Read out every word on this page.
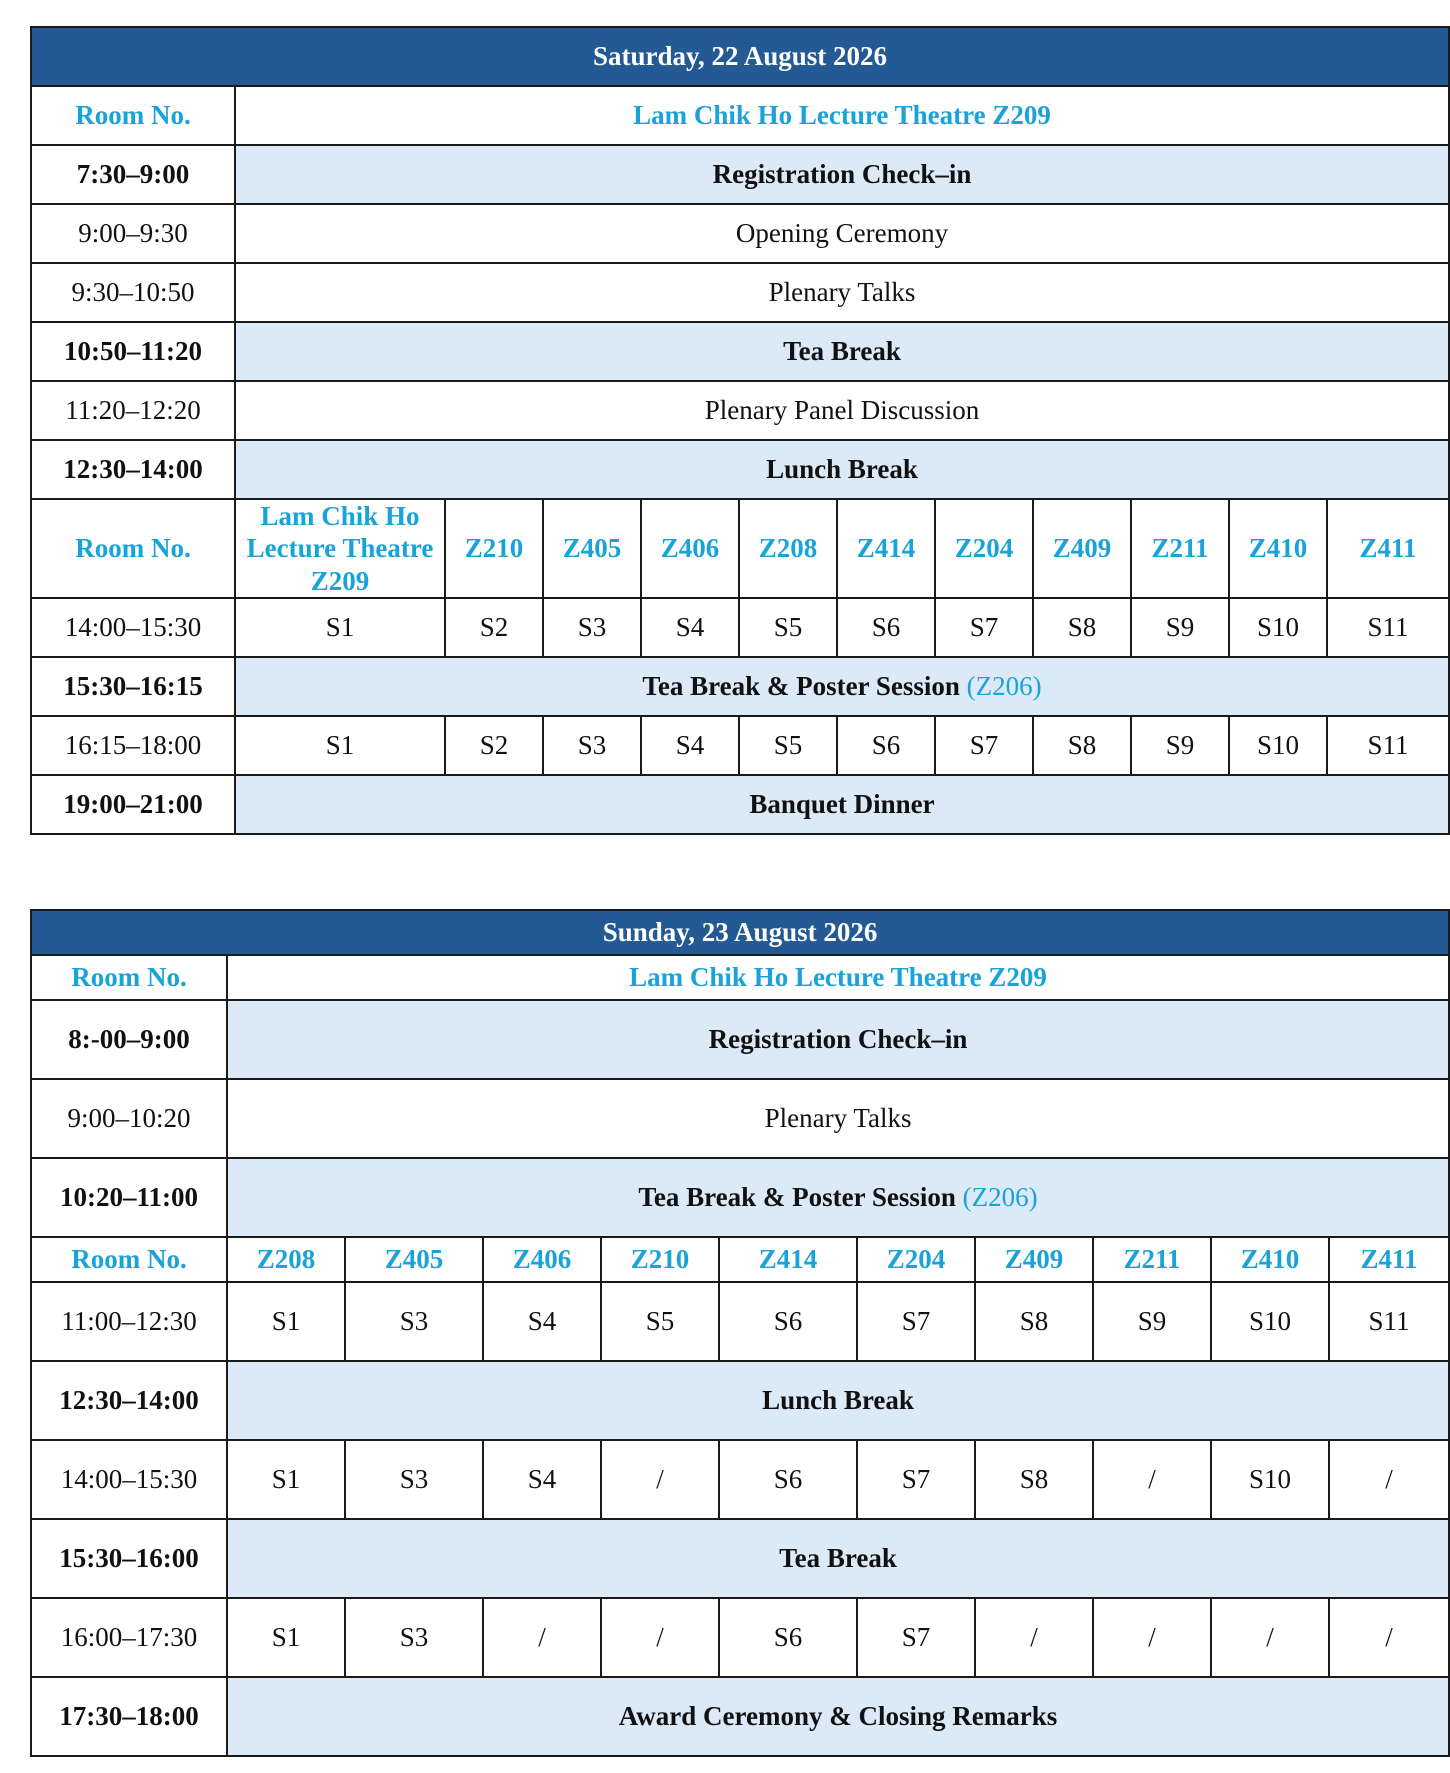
Saturday, 22 August 2026											
Room No.	Lam Chik Ho Lecture Theatre Z209										
7:30–9:00	Registration Check–in										
9:00–9:30	Opening Ceremony										
9:30–10:50	Plenary Talks										
10:50–11:20	Tea Break										
11:20–12:20	Plenary Panel Discussion										
12:30–14:00	Lunch Break										
Room No.	Lam Chik Ho Lecture Theatre Z209	Z210	Z405	Z406	Z208	Z414	Z204	Z409	Z211	Z410	Z411
14:00–15:30	S1	S2	S3	S4	S5	S6	S7	S8	S9	S10	S11
15:30–16:15	Tea Break & Poster Session (Z206)										
16:15–18:00	S1	S2	S3	S4	S5	S6	S7	S8	S9	S10	S11
19:00–21:00	Banquet Dinner										
Sunday, 23 August 2026										
Room No.	Lam Chik Ho Lecture Theatre Z209									
8:-00–9:00	Registration Check–in									
9:00–10:20	Plenary Talks									
10:20–11:00	Tea Break & Poster Session (Z206)									
Room No.	Z208	Z405	Z406	Z210	Z414	Z204	Z409	Z211	Z410	Z411
11:00–12:30	S1	S3	S4	S5	S6	S7	S8	S9	S10	S11
12:30–14:00	Lunch Break									
14:00–15:30	S1	S3	S4	/	S6	S7	S8	/	S10	/
15:30–16:00	Tea Break									
16:00–17:30	S1	S3	/	/	S6	S7	/	/	/	/
17:30–18:00	Award Ceremony & Closing Remarks									
